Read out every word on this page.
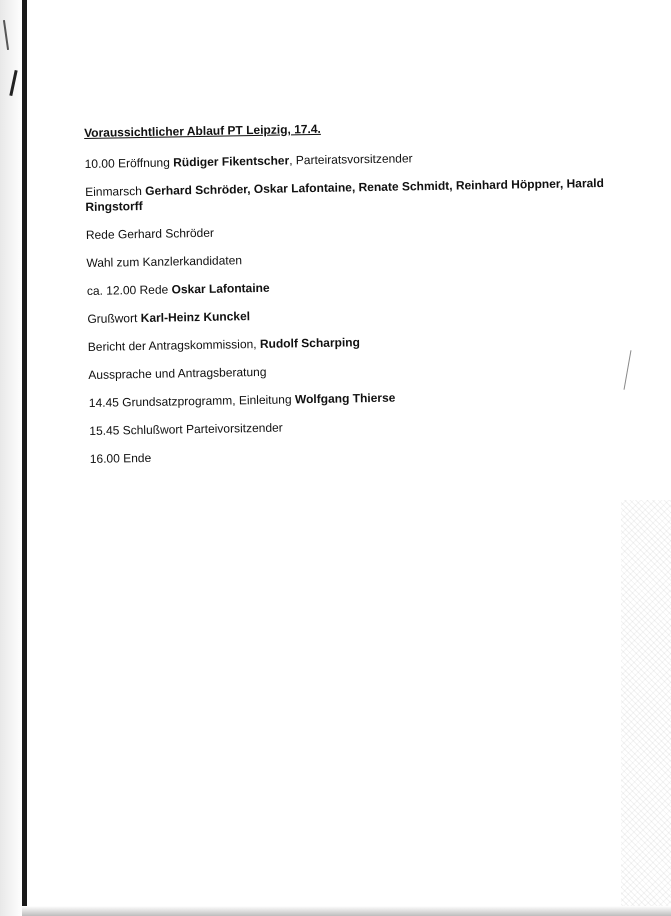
Voraussichtlicher Ablauf PT Leipzig, 17.4.
10.00 Eröffnung Rüdiger Fikentscher, Parteiratsvorsitzender
Einmarsch Gerhard Schröder, Oskar Lafontaine, Renate Schmidt, Reinhard Höppner, Harald Ringstorff
Rede Gerhard Schröder
Wahl zum Kanzlerkandidaten
ca. 12.00 Rede Oskar Lafontaine
Grußwort Karl-Heinz Kunckel
Bericht der Antragskommission, Rudolf Scharping
Aussprache und Antragsberatung
14.45 Grundsatzprogramm, Einleitung Wolfgang Thierse
15.45 Schlußwort Parteivorsitzender
16.00 Ende
